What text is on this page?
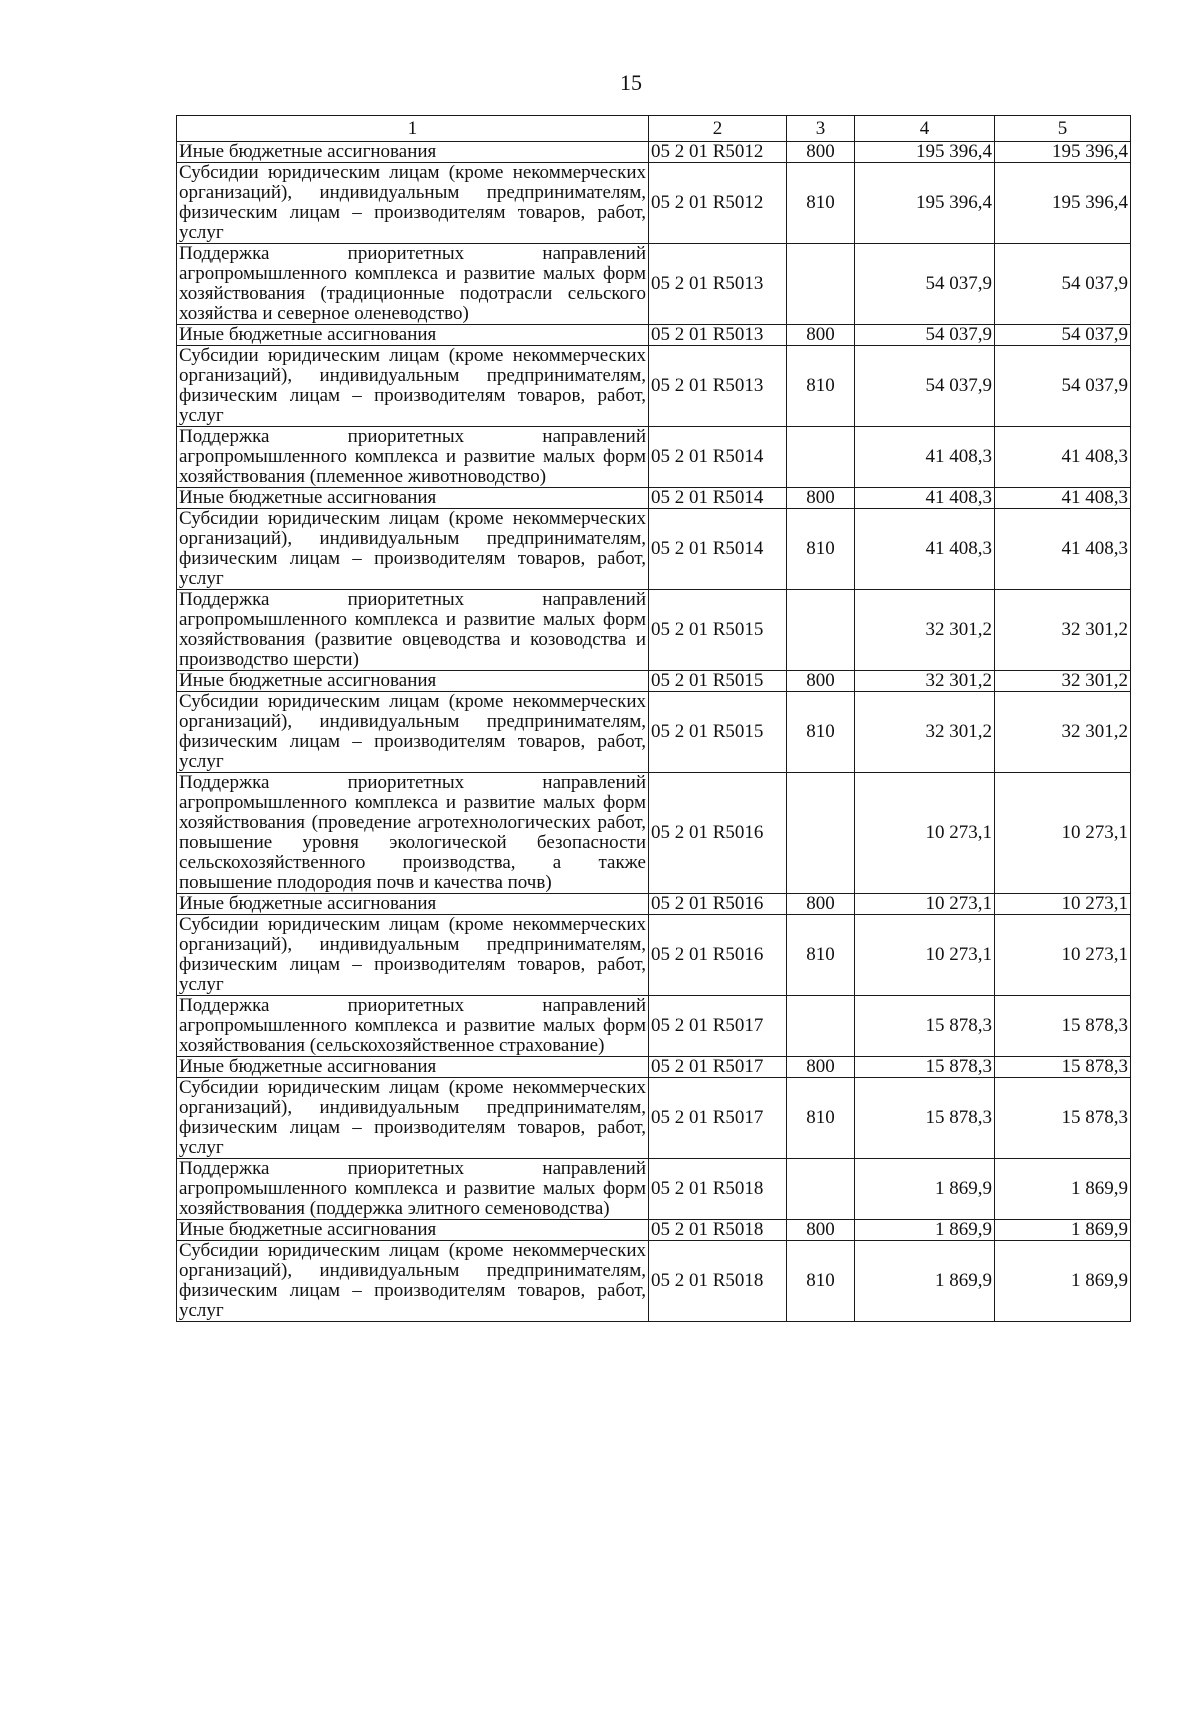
15
1	2	3	4	5
Иные бюджетные ассигнования	05 2 01 R5012	800	195 396,4	195 396,4
Субсидии юридическим лицам (кроме некоммерческих организаций), индивидуальным предпринимателям, физическим лицам – производителям товаров, работ, услуг	05 2 01 R5012	810	195 396,4	195 396,4
Поддержка приоритетных направлений агропромышленного комплекса и развитие малых форм хозяйствования (традиционные подотрасли сельского хозяйства и северное оленеводство)	05 2 01 R5013		54 037,9	54 037,9
Иные бюджетные ассигнования	05 2 01 R5013	800	54 037,9	54 037,9
Субсидии юридическим лицам (кроме некоммерческих организаций), индивидуальным предпринимателям, физическим лицам – производителям товаров, работ, услуг	05 2 01 R5013	810	54 037,9	54 037,9
Поддержка приоритетных направлений агропромышленного комплекса и развитие малых форм хозяйствования (племенное животноводство)	05 2 01 R5014		41 408,3	41 408,3
Иные бюджетные ассигнования	05 2 01 R5014	800	41 408,3	41 408,3
Субсидии юридическим лицам (кроме некоммерческих организаций), индивидуальным предпринимателям, физическим лицам – производителям товаров, работ, услуг	05 2 01 R5014	810	41 408,3	41 408,3
Поддержка приоритетных направлений агропромышленного комплекса и развитие малых форм хозяйствования (развитие овцеводства и козоводства и производство шерсти)	05 2 01 R5015		32 301,2	32 301,2
Иные бюджетные ассигнования	05 2 01 R5015	800	32 301,2	32 301,2
Субсидии юридическим лицам (кроме некоммерческих организаций), индивидуальным предпринимателям, физическим лицам – производителям товаров, работ, услуг	05 2 01 R5015	810	32 301,2	32 301,2
Поддержка приоритетных направлений агропромышленного комплекса и развитие малых форм хозяйствования (проведение агротехнологических работ, повышение уровня экологической безопасности сельскохозяйственного производства, а также повышение плодородия почв и качества почв)	05 2 01 R5016		10 273,1	10 273,1
Иные бюджетные ассигнования	05 2 01 R5016	800	10 273,1	10 273,1
Субсидии юридическим лицам (кроме некоммерческих организаций), индивидуальным предпринимателям, физическим лицам – производителям товаров, работ, услуг	05 2 01 R5016	810	10 273,1	10 273,1
Поддержка приоритетных направлений агропромышленного комплекса и развитие малых форм хозяйствования (сельскохозяйственное страхование)	05 2 01 R5017		15 878,3	15 878,3
Иные бюджетные ассигнования	05 2 01 R5017	800	15 878,3	15 878,3
Субсидии юридическим лицам (кроме некоммерческих организаций), индивидуальным предпринимателям, физическим лицам – производителям товаров, работ, услуг	05 2 01 R5017	810	15 878,3	15 878,3
Поддержка приоритетных направлений агропромышленного комплекса и развитие малых форм хозяйствования (поддержка элитного семеноводства)	05 2 01 R5018		1 869,9	1 869,9
Иные бюджетные ассигнования	05 2 01 R5018	800	1 869,9	1 869,9
Субсидии юридическим лицам (кроме некоммерческих организаций), индивидуальным предпринимателям, физическим лицам – производителям товаров, работ, услуг	05 2 01 R5018	810	1 869,9	1 869,9
